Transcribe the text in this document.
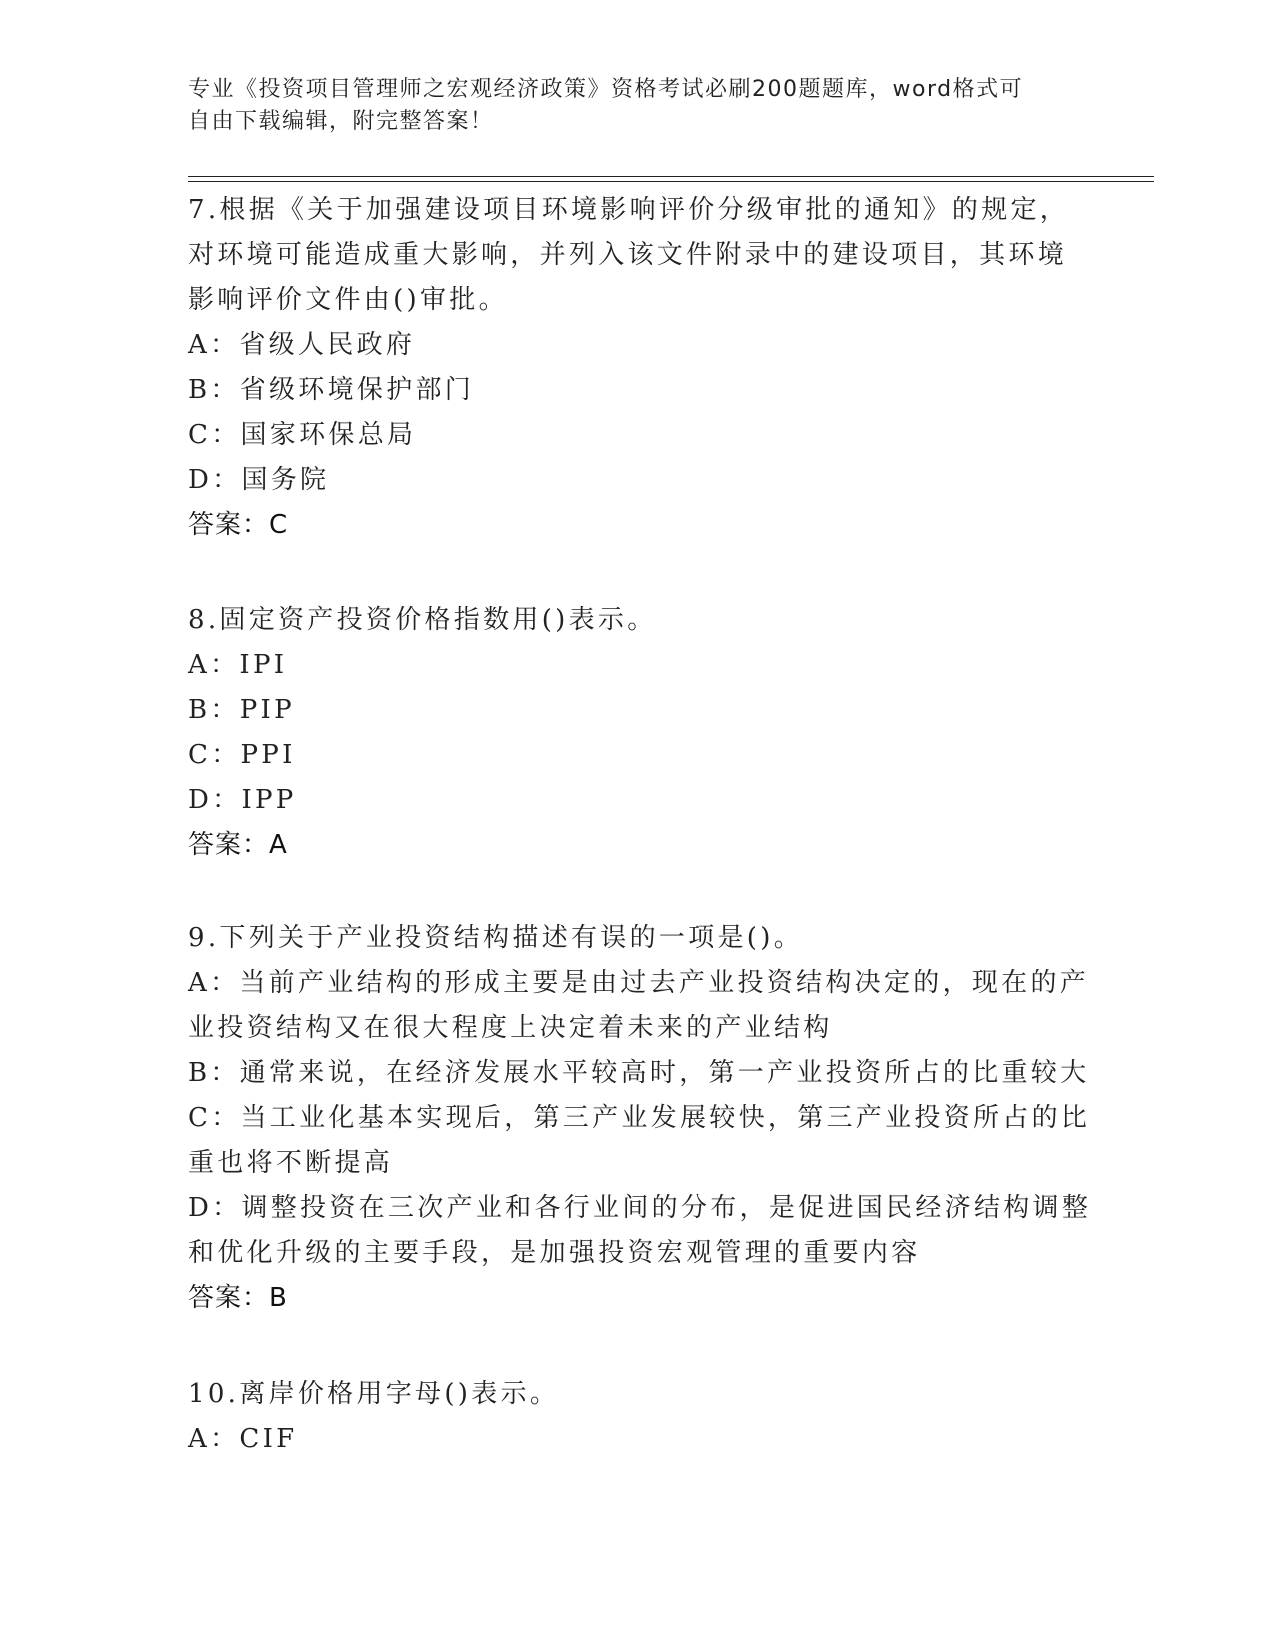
专业《投资项目管理师之宏观经济政策》资格考试必刷200题题库，word格式可
自由下载编辑，附完整答案！
7.根据《关于加强建设项目环境影响评价分级审批的通知》的规定，
对环境可能造成重大影响，并列入该文件附录中的建设项目，其环境
影响评价文件由()审批。
A：省级人民政府
B：省级环境保护部门
C：国家环保总局
D：国务院
答案：C
8.固定资产投资价格指数用()表示。
A：IPI
B：PIP
C：PPI
D：IPP
答案：A
9.下列关于产业投资结构描述有误的一项是()。
A：当前产业结构的形成主要是由过去产业投资结构决定的，现在的产
业投资结构又在很大程度上决定着未来的产业结构
B：通常来说，在经济发展水平较高时，第一产业投资所占的比重较大
C：当工业化基本实现后，第三产业发展较快，第三产业投资所占的比
重也将不断提高
D：调整投资在三次产业和各行业间的分布，是促进国民经济结构调整
和优化升级的主要手段，是加强投资宏观管理的重要内容
答案：B
10.离岸价格用字母()表示。
A：CIF
